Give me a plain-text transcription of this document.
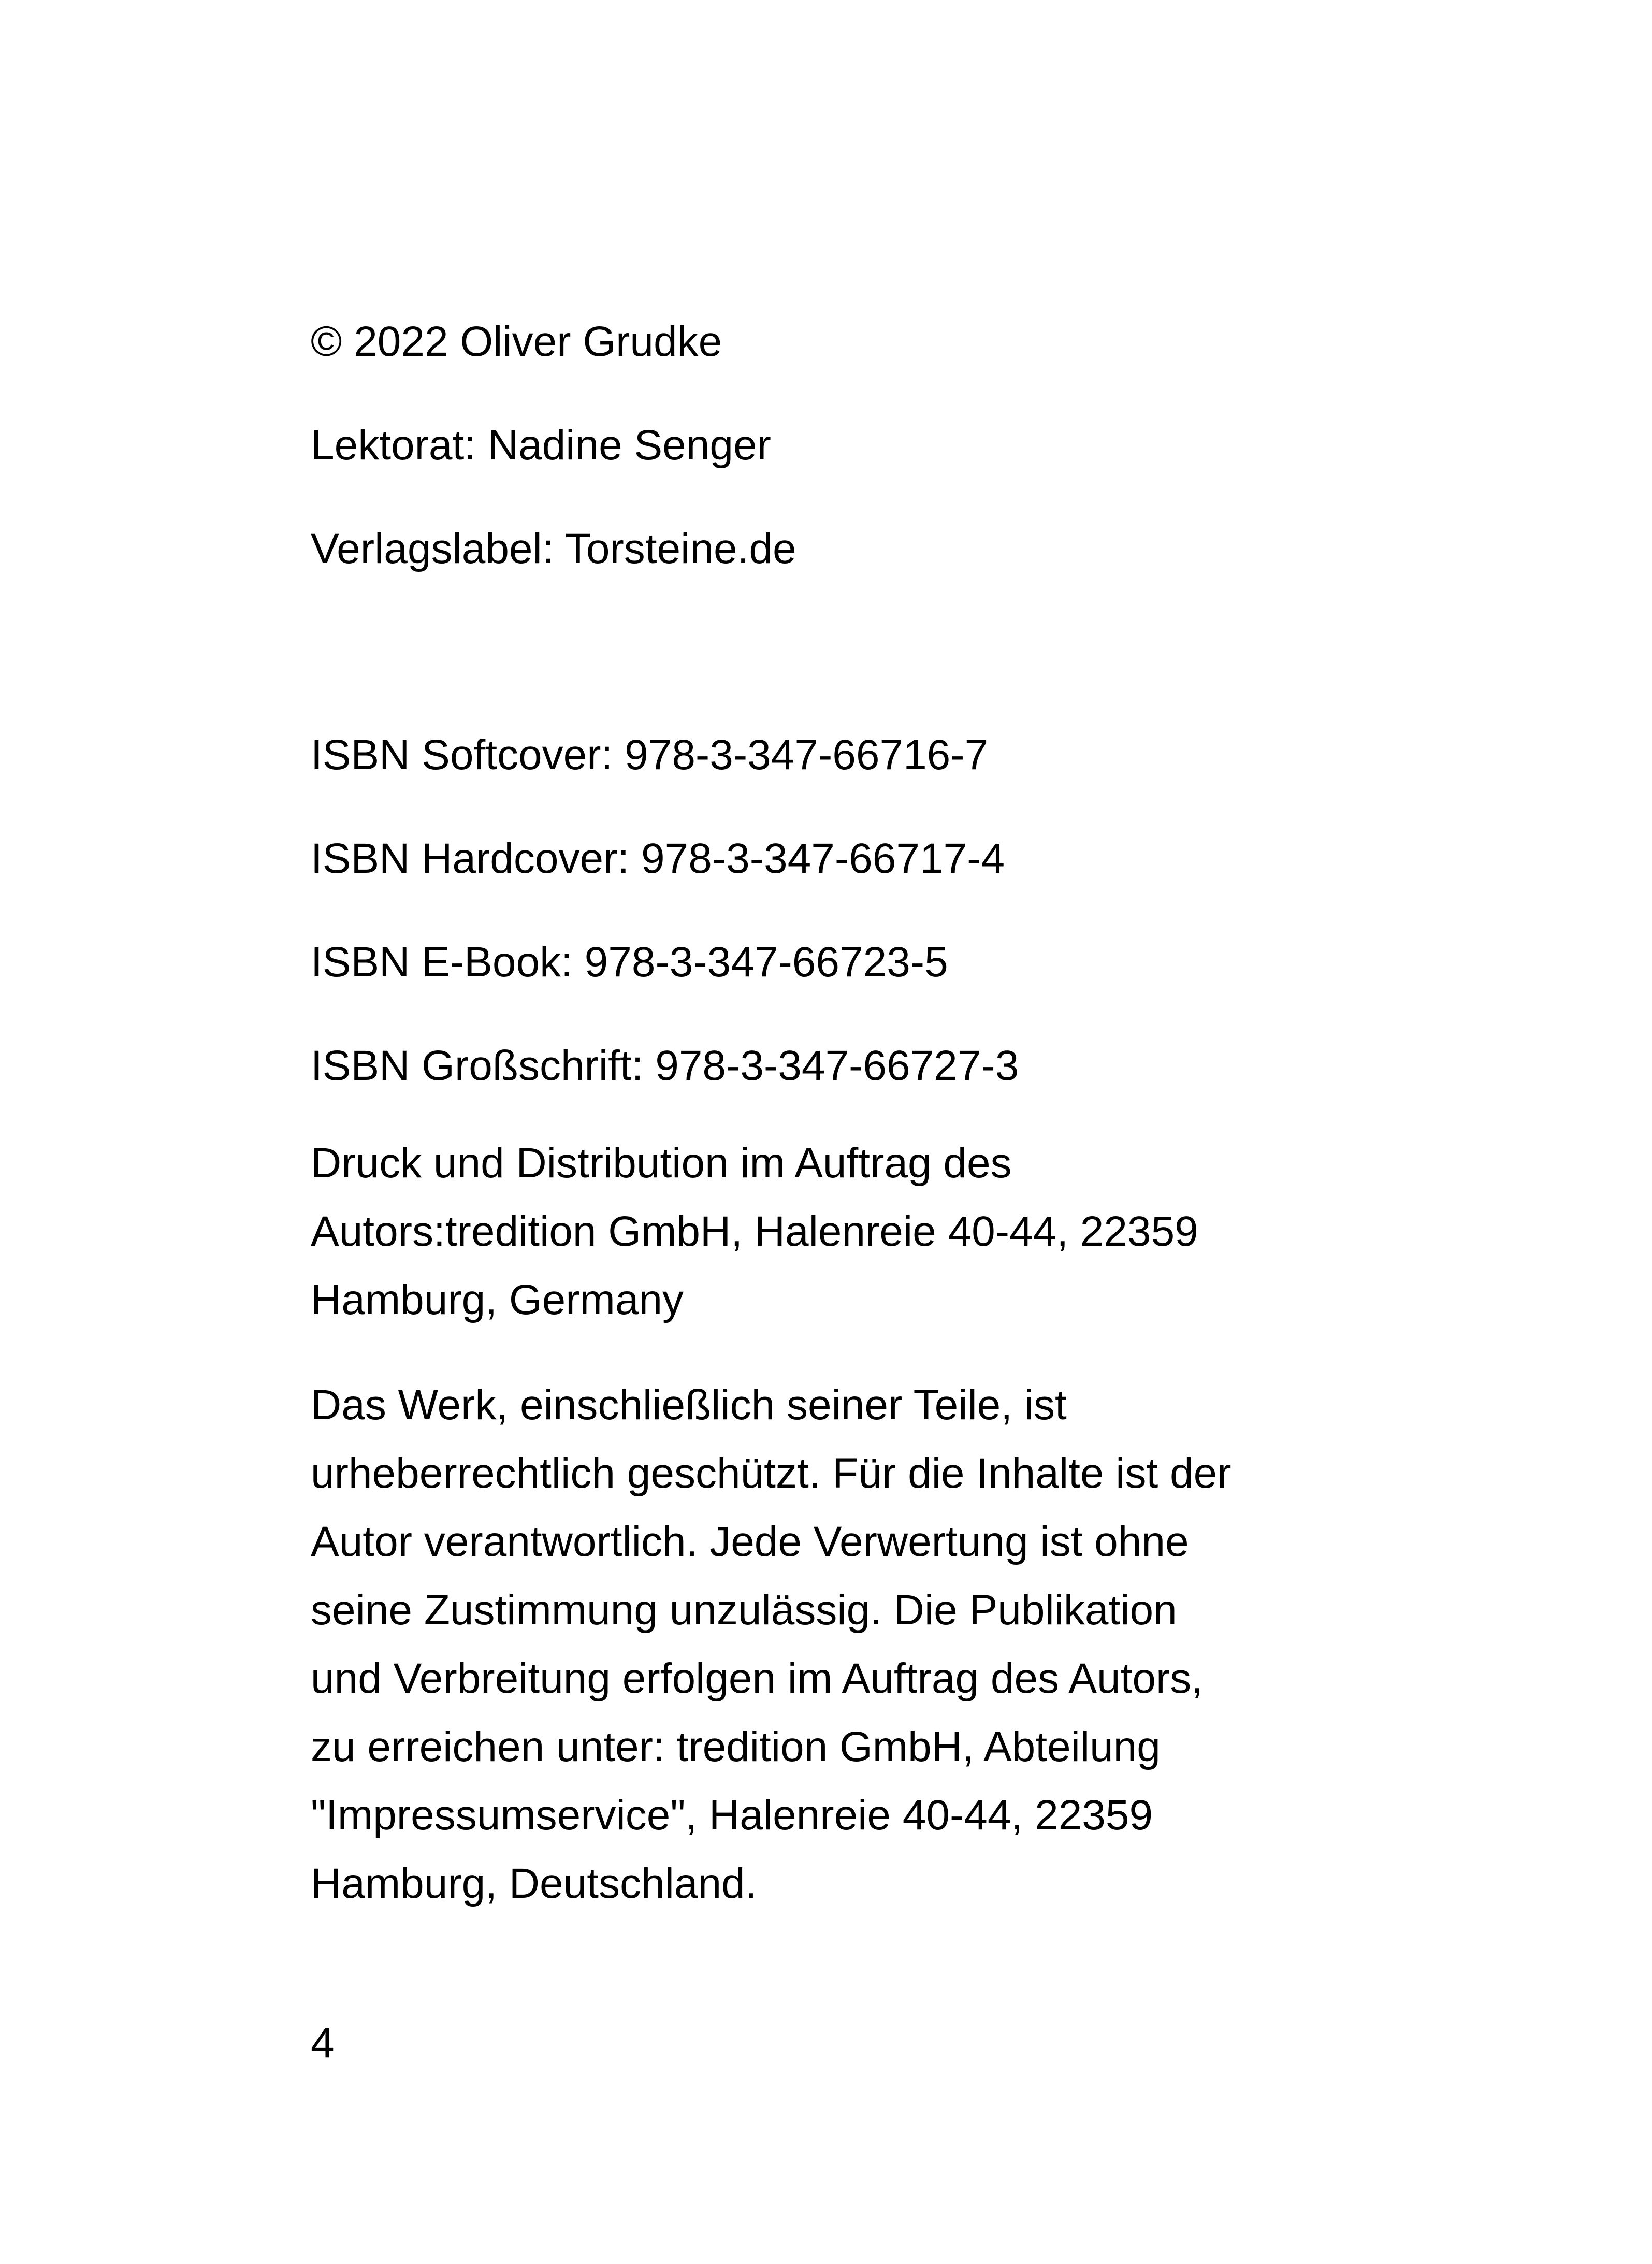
© 2022 Oliver Grudke
Lektorat: Nadine Senger
Verlagslabel: Torsteine.de
ISBN Softcover: 978-3-347-66716-7
ISBN Hardcover: 978-3-347-66717-4
ISBN E-Book: 978-3-347-66723-5
ISBN Großschrift: 978-3-347-66727-3
Druck und Distribution im Auftrag des
Autors:tredition GmbH, Halenreie 40-44, 22359
Hamburg, Germany
Das Werk, einschließlich seiner Teile, ist
urheberrechtlich geschützt. Für die Inhalte ist der
Autor verantwortlich. Jede Verwertung ist ohne
seine Zustimmung unzulässig. Die Publikation
und Verbreitung erfolgen im Auftrag des Autors,
zu erreichen unter: tredition GmbH, Abteilung
"Impressumservice", Halenreie 40-44, 22359
Hamburg, Deutschland.
4
